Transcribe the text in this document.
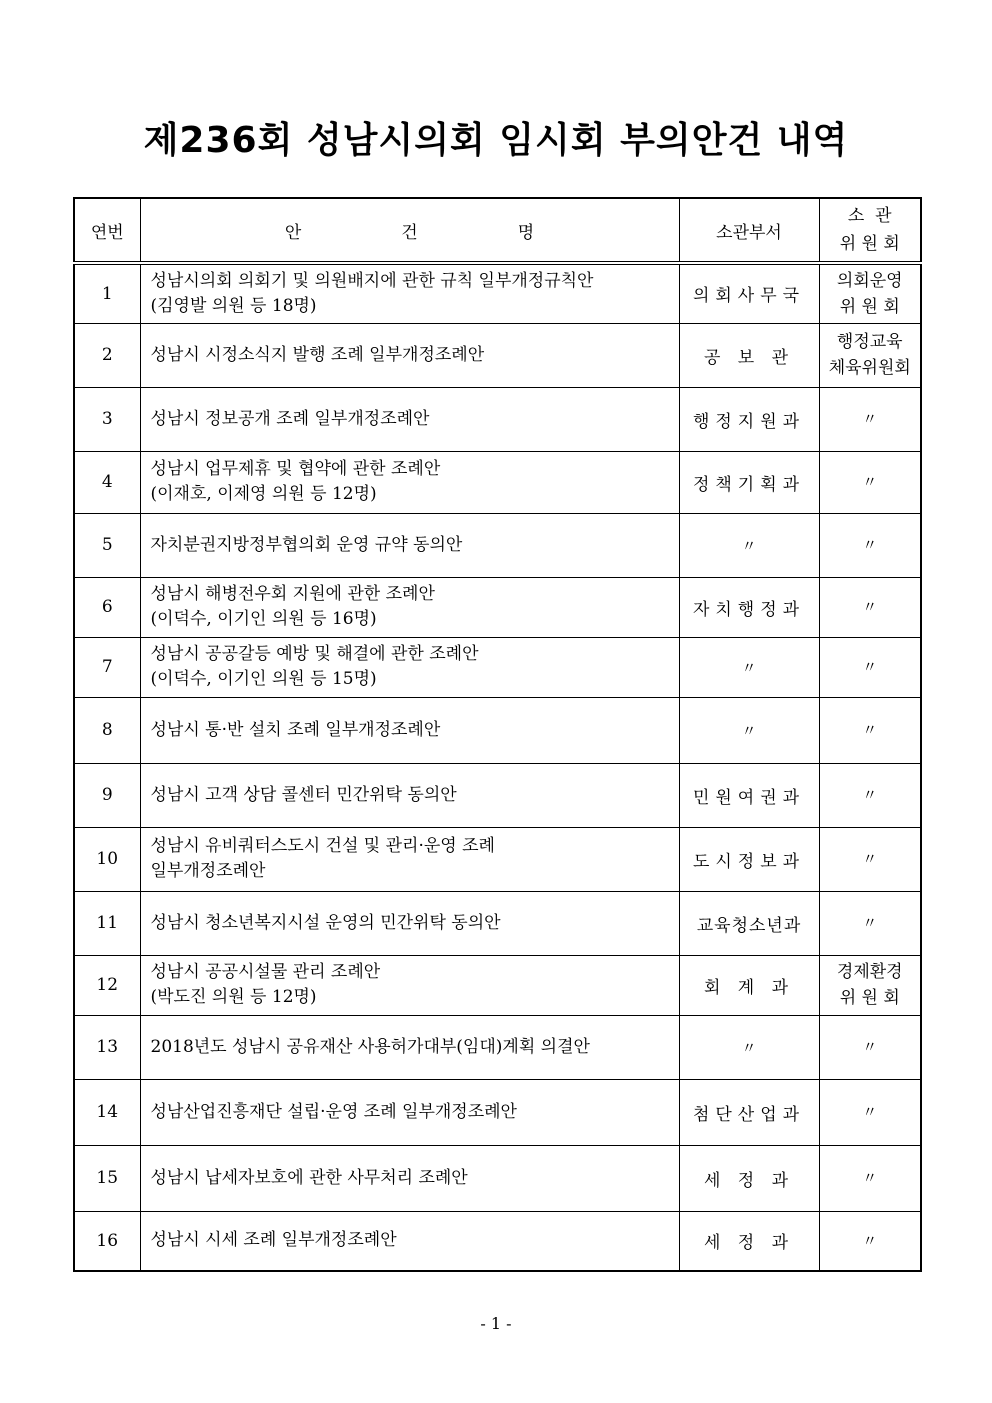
제236회 성남시의회 임시회 부의안건 내역
연번	안 건 명	소관부서	소  관
위 원 회

1	성남시의회 의회기 및 의원배지에 관한 규칙 일부개정규칙안
(김영발 의원 등 18명)	의회사무국	의회운영
위 원 회

2	성남시 시정소식지 발행 조례 일부개정조례안	공 보 관	행정교육
체육위원회

3	성남시 정보공개 조례 일부개정조례안	행정지원과	〃

4	성남시 업무제휴 및 협약에 관한 조례안
(이재호, 이제영 의원 등 12명)	정책기획과	〃

5	자치분권지방정부협의회 운영 규약 동의안	〃	〃

6	성남시 해병전우회 지원에 관한 조례안
(이덕수, 이기인 의원 등 16명)	자치행정과	〃

7	성남시 공공갈등 예방 및 해결에 관한 조례안
(이덕수, 이기인 의원 등 15명)	〃	〃

8	성남시 통·반 설치 조례 일부개정조례안	〃	〃

9	성남시 고객 상담 콜센터 민간위탁 동의안	민원여권과	〃

10	성남시 유비쿼터스도시 건설 및 관리·운영 조례
일부개정조례안	도시정보과	〃

11	성남시 청소년복지시설 운영의 민간위탁 동의안	교육청소년과	〃

12	성남시 공공시설물 관리 조례안
(박도진 의원 등 12명)	회 계 과	경제환경
위 원 회

13	2018년도 성남시 공유재산 사용허가대부(임대)계획 의결안	〃	〃

14	성남산업진흥재단 설립·운영 조례 일부개정조례안	첨단산업과	〃

15	성남시 납세자보호에 관한 사무처리 조례안	세 정 과	〃

16	성남시 시세 조례 일부개정조례안	세 정 과	〃
- 1 -
